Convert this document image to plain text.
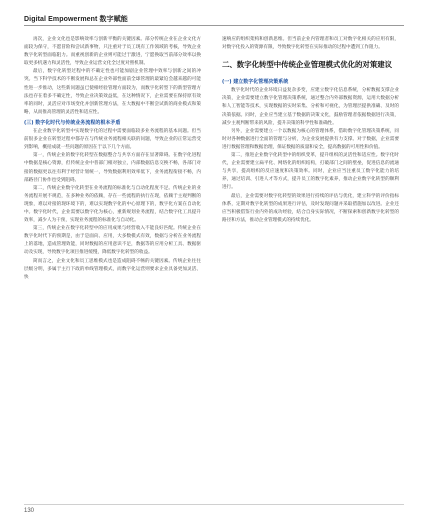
Digital Empowerment 数字赋能

再次，企业文化也是影响效率与创新平衡的关键因素。部分传统企业在企业文化方面较为保守，不愿冒险和尝试新事物，只注重对于员工现有工作领域的考核，导致企业数字化转型面临阻力。而重视创新的企业则可能过于激进，宁愿换取当前部分效率以换取更多机遇力和灵活性，导致企业运营文化全过度对照机制。

最后，数字化转型过程中的不确定性也可能加剧企业管理中效率与创新之间的冲突。当下科学技术的不断发展和总在企业外部性面前全球管理的最紧迫会越来越的可能性进一步推动，这些新问题虽已使相经验管理方面较为，而数字化转型下的新型管理方法也存在着多不确定性，导致企业决策效益低，在这种情况下，企业需要在保持原有效率的同时，灵活应对市场变化并创新管理方法，在大数据中不断尝试新的商业模式和策略，从而推高管理的灵活性和适应性。

(三) 数字化时代与传统业务流程的根本矛盾

在企业数字化转型中实现数字化的过程中需要面临较多业务流程的基本问题。但当前很多企业在转型过程中都存在与传统业务流程相关联的问题，导致企业的正常运营受到影响，概括成就一些问题的原因在于以下几个方面。

第一，传统企业的数字化转型在数据整合与共享方面存在显著障碍。在数字化进程中数据是核心资源，但传统企业中普部门相对独立，内部数据信息交换不畅，各部门对接的数据更以往有利于经营计划统一，导致数据利用效率低下，业务流程衔接不畅，内部路径门协作也受到阻碍。

第二，传统企业数字化转型在业务流程的标准化与自动化程度不足。传统企业的业务流程开展不规范，在多种业务的依赖，存在一些流程的执行在现，依赖于主观判断的现象，难以对接的现环境下的，难以实现数字化的中心原理下的，数字化方案在自动化中。数字化时代，企业需要以数字化为核心，重新规划业务流程，结合数字化工具提升效率，减少人为干预，实现业务流程的标准化与自动化。

第三，传统企业在数字化转型中的应用成果与经营收入不能良好匹配。传统企业在数字化时代下的预期是，由于是面向、应用，大多数模式有效，数据与分析在业务流程上的落地，造成管理效能，同时数据的应用意识不足，数据等的应用分析工具、数据驱动及实现，导致数字化项目推进缓慢，降低数字化转型的收益。

简而言之，企业文化和员工思维模式也是造成阻碍不畅的关键因素。传统企业往往层级分明，多属于主行下政的单线管理模式，而数字化运营则要求企业具备更加灵活、快

速响应的组织架构和创新思维。但当前企业内管理者和员工对数字化相关的应用有限，对数字化投入的资源有限，导致数字化转型在实际推动的过程中遭到工作阻力。

二、数字化转型中传统企业管理模式优化的对策建议
(一) 建立数字化管理决策系统

数字化时代的企业环境日益复杂多变，应建立数字化信息系统，分析数据支撑企业决策，企业需要建立数字化管理决策系统，通过整合内外部数据资源，运用大数据分析和人工智能等技术，实现数据的实时采集、分析和可视化，为管理层提供准确、及时的决策依据。同时，企业应当建立基于数据的决策文化，鼓励管理者依据数据进行决策，减少主观判断带来的风险，提升决策的科学性和准确性。

另外，企业需要建立一个以数据为核心的管理体系，借助数字化管理决策系统，同时对各种数据进行全面的管理与分析，为企业发展提供有力支撑。对于数据，企业需要进行数据管理和数据治理，保证数据的质量和安全，提高数据的可用性和价值。

第二，推进企业数字化转型中的组织变革，提升组织的灵活性和适应性。数字化时代，企业需要建立扁平化、网络化的组织结构，打破部门之间的壁垒，促进信息的流通与共享，提高组织的反应速度和决策效率。同时，企业应当注重员工数字化能力的培养，通过培训、引进人才等方式，提升员工的数字化素养，推动企业数字化转型的顺利进行。

最后，企业需要对数字化转型的效果进行持续的评估与优化，建立科学的评价指标体系，定期对数字化转型的成果进行评估，及时发现问题并采取措施加以改进。企业还应当积极借鉴行业内外的成功经验，结合自身实际情况，不断探索和创新数字化转型的路径和方法，推动企业管理模式的持续优化。

130
